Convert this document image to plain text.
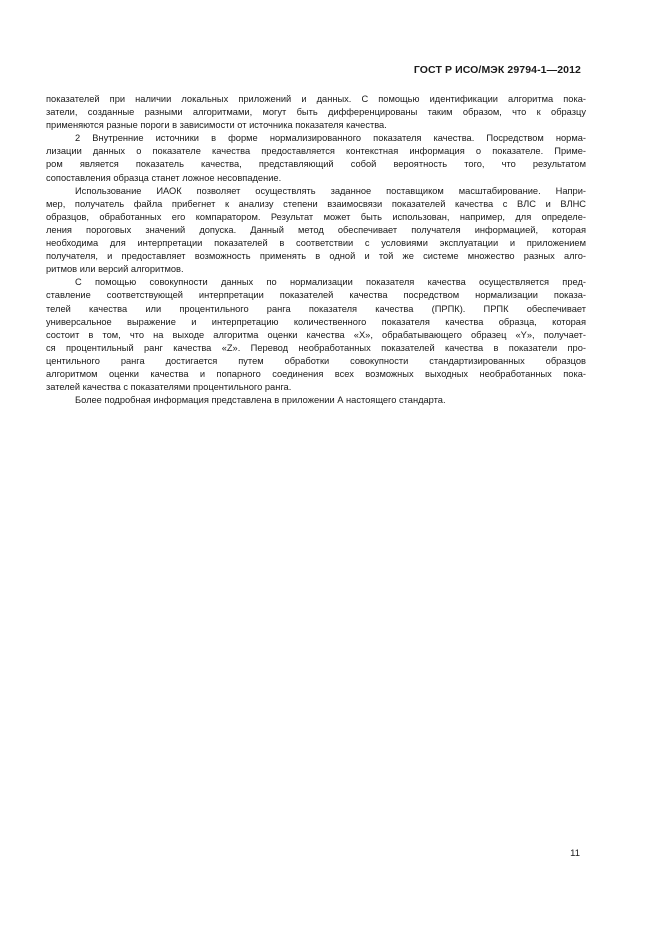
ГОСТ Р ИСО/МЭК 29794-1—2012
показателей при наличии локальных приложений и данных. С помощью идентификации алгоритма пока-
затели, созданные разными алгоритмами, могут быть дифференцированы таким образом, что к образцу
применяются разные пороги в зависимости от источника показателя качества.
2 Внутренние источники в форме нормализированного показателя качества. Посредством норма-
лизации данных о показателе качества предоставляется контекстная информация о показателе. Приме-
ром является показатель качества, представляющий собой вероятность того, что результатом
сопоставления образца станет ложное несовпадение.
Использование ИАОК позволяет осуществлять заданное поставщиком масштабирование. Напри-
мер, получатель файла прибегнет к анализу степени взаимосвязи показателей качества с ВЛС и ВЛНС
образцов, обработанных его компаратором. Результат может быть использован, например, для определе-
ления пороговых значений допуска. Данный метод обеспечивает получателя информацией, которая
необходима для интерпретации показателей в соответствии с условиями эксплуатации и приложением
получателя, и предоставляет возможность применять в одной и той же системе множество разных алго-
ритмов или версий алгоритмов.
С помощью совокупности данных по нормализации показателя качества осуществляется пред-
ставление соответствующей интерпретации показателей качества посредством нормализации показа-
телей качества или процентильного ранга показателя качества (ПРПК). ПРПК обеспечивает
универсальное выражение и интерпретацию количественного показателя качества образца, которая
состоит в том, что на выходе алгоритма оценки качества «X», обрабатывающего образец «Y», получает-
ся процентильный ранг качества «Z». Перевод необработанных показателей качества в показатели про-
центильного ранга достигается путем обработки совокупности стандартизированных образцов
алгоритмом оценки качества и попарного соединения всех возможных выходных необработанных пока-
зателей качества с показателями процентильного ранга.
Более подробная информация представлена в приложении А настоящего стандарта.
11
